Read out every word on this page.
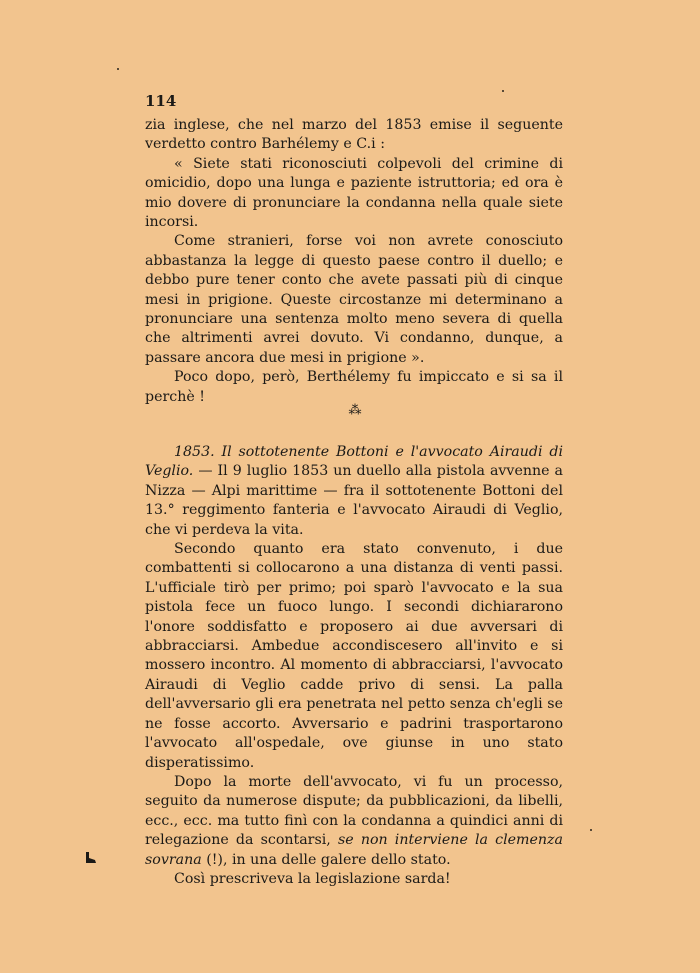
114

zia inglese, che nel marzo del 1853 emise il seguente verdetto contro Barhélemy e C.i :

« Siete stati riconosciuti colpevoli del crimine di omicidio, dopo una lunga e paziente istruttoria; ed ora è mio dovere di pronunciare la condanna nella quale siete incorsi.

Come stranieri, forse voi non avrete conosciuto abbastanza la legge di questo paese contro il duello; e debbo pure tener conto che avete passati più di cinque mesi in prigione. Queste circostanze mi determinano a pronunciare una sentenza molto meno severa di quella che altrimenti avrei dovuto. Vi condanno, dunque, a passare ancora due mesi in prigione ».

Poco dopo, però, Berthélemy fu impiccato e si sa il perchè !

⁂

1853. Il sottotenente Bottoni e l'avvocato Airaudi di Veglio. — Il 9 luglio 1853 un duello alla pistola avvenne a Nizza — Alpi marittime — fra il sottotenente Bottoni del 13.° reggimento fanteria e l'avvocato Airaudi di Veglio, che vi perdeva la vita.

Secondo quanto era stato convenuto, i due combattenti si collocarono a una distanza di venti passi. L'ufficiale tirò per primo; poi sparò l'avvocato e la sua pistola fece un fuoco lungo. I secondi dichiararono l'onore soddisfatto e proposero ai due avversari di abbracciarsi. Ambedue accondiscesero all'invito e si mossero incontro. Al momento di abbracciarsi, l'avvocato Airaudi di Veglio cadde privo di sensi. La palla dell'avversario gli era penetrata nel petto senza ch'egli se ne fosse accorto. Avversario e padrini trasportarono l'avvocato all'ospedale, ove giunse in uno stato disperatissimo.

Dopo la morte dell'avvocato, vi fu un processo, seguito da numerose dispute; da pubblicazioni, da libelli, ecc., ecc. ma tutto finì con la condanna a quindici anni di relegazione da scontarsi, se non interviene la clemenza sovrana (!), in una delle galere dello stato.

Così prescriveva la legislazione sarda!
